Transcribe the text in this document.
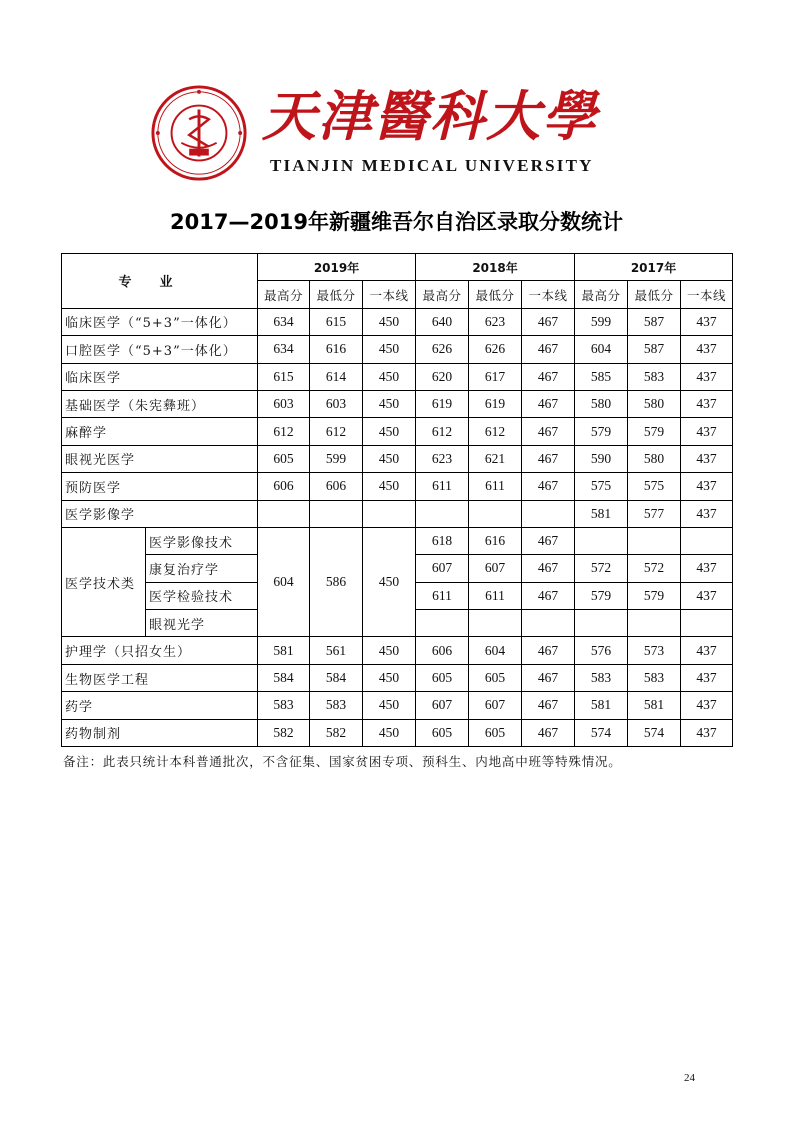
天津醫科大學
TIANJIN MEDICAL UNIVERSITY
2017—2019年新疆维吾尔自治区录取分数统计
专业		2019年			2018年			2017年		
		最高分	最低分	一本线	最高分	最低分	一本线	最高分	最低分	一本线
临床医学（“5+3”一体化）		634	615	450	640	623	467	599	587	437
口腔医学（“5+3”一体化）		634	616	450	626	626	467	604	587	437
临床医学		615	614	450	620	617	467	585	583	437
基础医学（朱宪彝班）		603	603	450	619	619	467	580	580	437
麻醉学		612	612	450	612	612	467	579	579	437
眼视光医学		605	599	450	623	621	467	590	580	437
预防医学		606	606	450	611	611	467	575	575	437
医学影像学								581	577	437
医学技术类	医学影像技术	604	586	450	618	616	467			
	康复治疗学				607	607	467	572	572	437
	医学检验技术				611	611	467	579	579	437
	眼视光学									
护理学（只招女生）		581	561	450	606	604	467	576	573	437
生物医学工程		584	584	450	605	605	467	583	583	437
药学		583	583	450	607	607	467	581	581	437
药物制剂		582	582	450	605	605	467	574	574	437
备注：此表只统计本科普通批次，不含征集、国家贫困专项、预科生、内地高中班等特殊情况。
24
